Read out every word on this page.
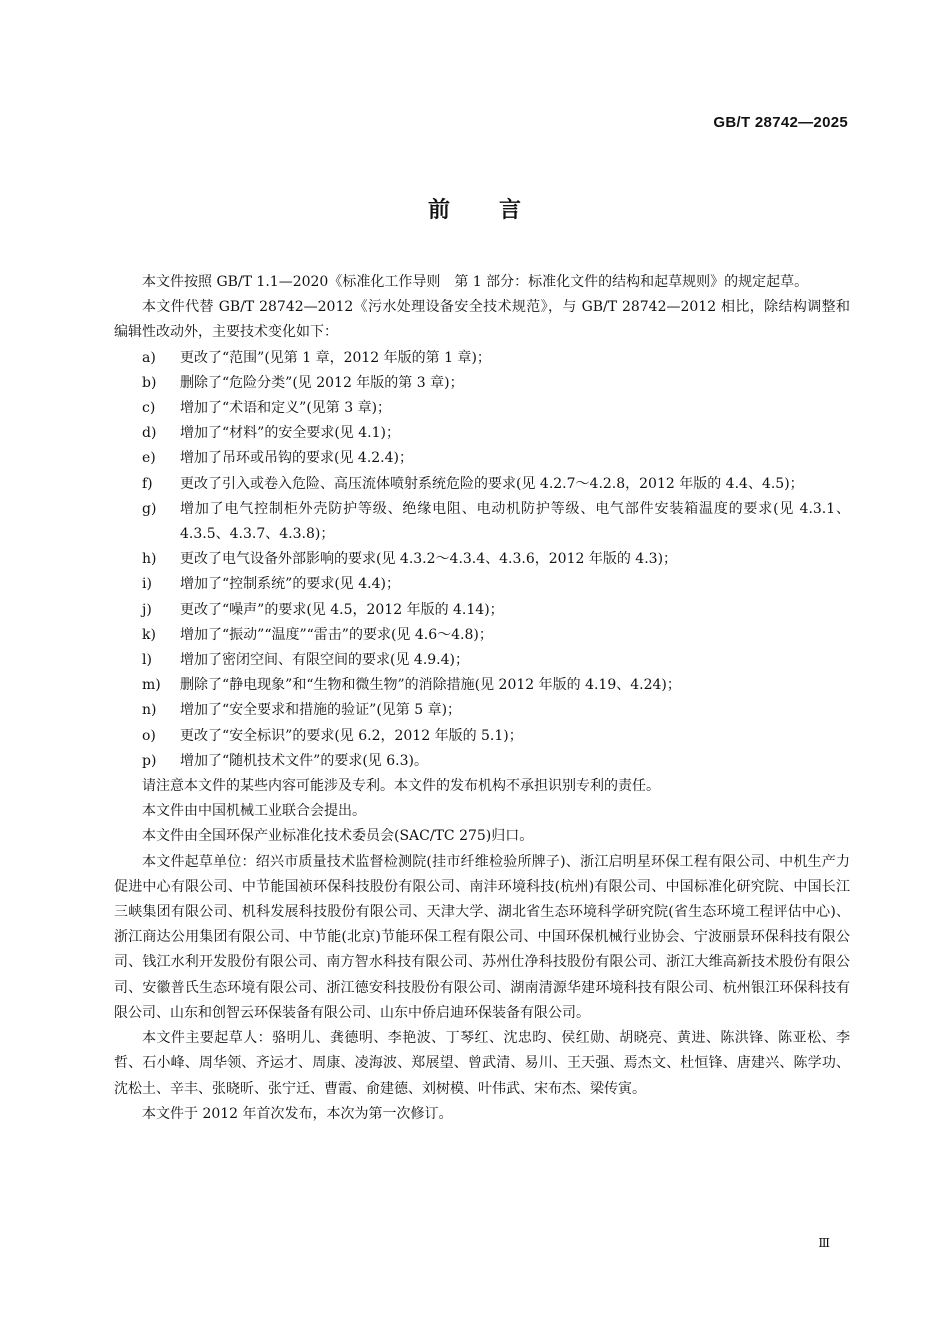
GB/T 28742—2025
前 言

本文件按照 GB/T 1.1—2020《标准化工作导则　第 1 部分：标准化文件的结构和起草规则》的规定起草。

本文件代替 GB/T 28742—2012《污水处理设备安全技术规范》，与 GB/T 28742—2012 相比，除结构调整和编辑性改动外，主要技术变化如下：

a)	更改了“范围”(见第 1 章，2012 年版的第 1 章)；
b)	删除了“危险分类”(见 2012 年版的第 3 章)；
c)	增加了“术语和定义”(见第 3 章)；
d)	增加了“材料”的安全要求(见 4.1)；
e)	增加了吊环或吊钩的要求(见 4.2.4)；
f)	更改了引入或卷入危险、高压流体喷射系统危险的要求(见 4.2.7～4.2.8，2012 年版的 4.4、4.5)；
g)	增加了电气控制柜外壳防护等级、绝缘电阻、电动机防护等级、电气部件安装箱温度的要求(见 4.3.1、4.3.5、4.3.7、4.3.8)；
h)	更改了电气设备外部影响的要求(见 4.3.2～4.3.4、4.3.6，2012 年版的 4.3)；
i)	增加了“控制系统”的要求(见 4.4)；
j)	更改了“噪声”的要求(见 4.5，2012 年版的 4.14)；
k)	增加了“振动”“温度”“雷击”的要求(见 4.6～4.8)；
l)	增加了密闭空间、有限空间的要求(见 4.9.4)；
m)	删除了“静电现象”和“生物和微生物”的消除措施(见 2012 年版的 4.19、4.24)；
n)	增加了“安全要求和措施的验证”(见第 5 章)；
o)	更改了“安全标识”的要求(见 6.2，2012 年版的 5.1)；
p)	增加了“随机技术文件”的要求(见 6.3)。

请注意本文件的某些内容可能涉及专利。本文件的发布机构不承担识别专利的责任。

本文件由中国机械工业联合会提出。

本文件由全国环保产业标准化技术委员会(SAC/TC 275)归口。

本文件起草单位：绍兴市质量技术监督检测院(挂市纤维检验所牌子)、浙江启明星环保工程有限公司、中机生产力促进中心有限公司、中节能国祯环保科技股份有限公司、南沣环境科技(杭州)有限公司、中国标准化研究院、中国长江三峡集团有限公司、机科发展科技股份有限公司、天津大学、湖北省生态环境科学研究院(省生态环境工程评估中心)、浙江商达公用集团有限公司、中节能(北京)节能环保工程有限公司、中国环保机械行业协会、宁波丽景环保科技有限公司、钱江水利开发股份有限公司、南方智水科技有限公司、苏州仕净科技股份有限公司、浙江大维高新技术股份有限公司、安徽普氏生态环境有限公司、浙江德安科技股份有限公司、湖南清源华建环境科技有限公司、杭州银江环保科技有限公司、山东和创智云环保装备有限公司、山东中侨启迪环保装备有限公司。

本文件主要起草人：骆明儿、龚德明、李艳波、丁琴红、沈忠昀、侯红勋、胡晓亮、黄进、陈洪锋、陈亚松、李哲、石小峰、周华领、齐运才、周康、凌海波、郑展望、曾武清、易川、王天强、焉杰文、杜恒锋、唐建兴、陈学功、沈松土、辛丰、张晓昕、张宁迁、曹霞、俞建德、刘树模、叶伟武、宋布杰、梁传寅。

本文件于 2012 年首次发布，本次为第一次修订。

Ⅲ
